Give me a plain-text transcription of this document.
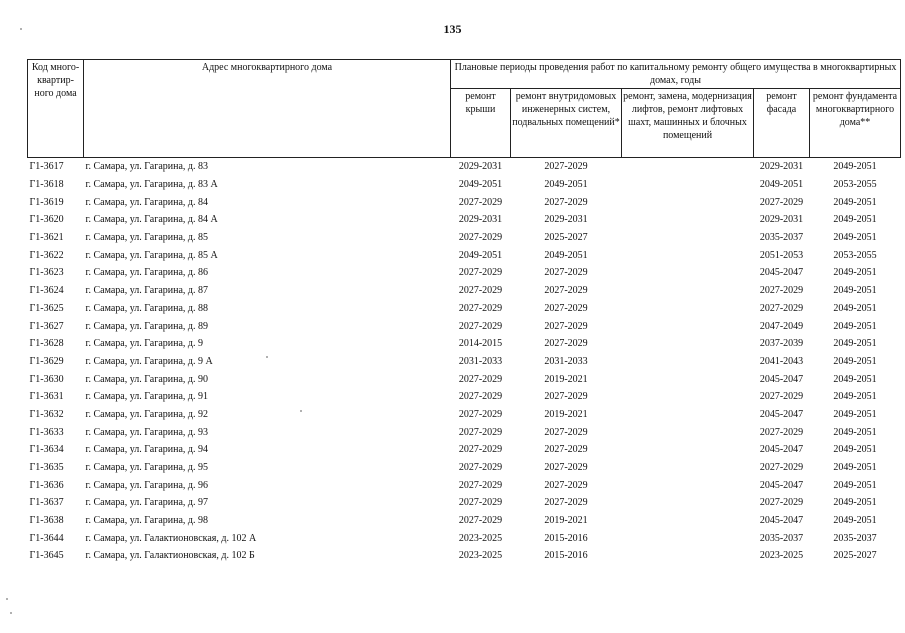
135
Код много-квартир-ного дома	Адрес многоквартирного дома	Плановые периоды проведения работ по капитальному ремонту общего имущества в многоквартирных домах, годы				
		ремонт крыши	ремонт внутридомовых инженерных систем, подвальных помещений*	ремонт, замена, модернизация лифтов, ремонт лифтовых шахт, машинных и блочных помещений	ремонт фасада	ремонт фундамента многоквартирного дома**
Г1-3617	г. Самара, ул. Гагарина, д. 83	2029-2031	2027-2029		2029-2031	2049-2051
Г1-3618	г. Самара, ул. Гагарина, д. 83 А	2049-2051	2049-2051		2049-2051	2053-2055
Г1-3619	г. Самара, ул. Гагарина, д. 84	2027-2029	2027-2029		2027-2029	2049-2051
Г1-3620	г. Самара, ул. Гагарина, д. 84 А	2029-2031	2029-2031		2029-2031	2049-2051
Г1-3621	г. Самара, ул. Гагарина, д. 85	2027-2029	2025-2027		2035-2037	2049-2051
Г1-3622	г. Самара, ул. Гагарина, д. 85 А	2049-2051	2049-2051		2051-2053	2053-2055
Г1-3623	г. Самара, ул. Гагарина, д. 86	2027-2029	2027-2029		2045-2047	2049-2051
Г1-3624	г. Самара, ул. Гагарина, д. 87	2027-2029	2027-2029		2027-2029	2049-2051
Г1-3625	г. Самара, ул. Гагарина, д. 88	2027-2029	2027-2029		2027-2029	2049-2051
Г1-3627	г. Самара, ул. Гагарина, д. 89	2027-2029	2027-2029		2047-2049	2049-2051
Г1-3628	г. Самара, ул. Гагарина, д. 9	2014-2015	2027-2029		2037-2039	2049-2051
Г1-3629	г. Самара, ул. Гагарина, д. 9 А	2031-2033	2031-2033		2041-2043	2049-2051
Г1-3630	г. Самара, ул. Гагарина, д. 90	2027-2029	2019-2021		2045-2047	2049-2051
Г1-3631	г. Самара, ул. Гагарина, д. 91	2027-2029	2027-2029		2027-2029	2049-2051
Г1-3632	г. Самара, ул. Гагарина, д. 92	2027-2029	2019-2021		2045-2047	2049-2051
Г1-3633	г. Самара, ул. Гагарина, д. 93	2027-2029	2027-2029		2027-2029	2049-2051
Г1-3634	г. Самара, ул. Гагарина, д. 94	2027-2029	2027-2029		2045-2047	2049-2051
Г1-3635	г. Самара, ул. Гагарина, д. 95	2027-2029	2027-2029		2027-2029	2049-2051
Г1-3636	г. Самара, ул. Гагарина, д. 96	2027-2029	2027-2029		2045-2047	2049-2051
Г1-3637	г. Самара, ул. Гагарина, д. 97	2027-2029	2027-2029		2027-2029	2049-2051
Г1-3638	г. Самара, ул. Гагарина, д. 98	2027-2029	2019-2021		2045-2047	2049-2051
Г1-3644	г. Самара, ул. Галактионовская, д. 102 А	2023-2025	2015-2016		2035-2037	2035-2037
Г1-3645	г. Самара, ул. Галактионовская, д. 102 Б	2023-2025	2015-2016		2023-2025	2025-2027
